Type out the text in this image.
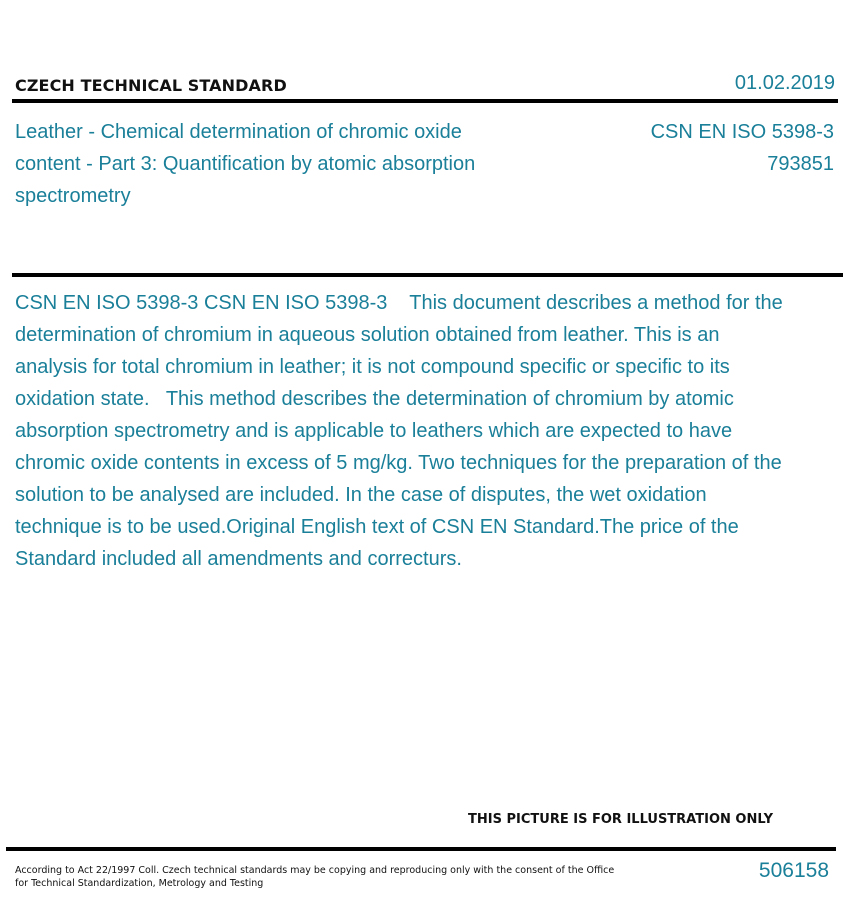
CZECH TECHNICAL STANDARD	01.02.2019
Leather - Chemical determination of chromic oxide content - Part 3: Quantification by atomic absorption spectrometry
CSN EN ISO 5398-3
793851
CSN EN ISO 5398-3 CSN EN ISO 5398-3    This document describes a method for the determination of chromium in aqueous solution obtained from leather. This is an analysis for total chromium in leather; it is not compound specific or specific to its oxidation state.   This method describes the determination of chromium by atomic absorption spectrometry and is applicable to leathers which are expected to have chromic oxide contents in excess of 5 mg/kg. Two techniques for the preparation of the solution to be analysed are included. In the case of disputes, the wet oxidation technique is to be used.Original English text of CSN EN Standard.The price of the Standard included all amendments and correcturs.
THIS PICTURE IS FOR ILLUSTRATION ONLY
According to Act 22/1997 Coll. Czech technical standards may be copying and reproducing only with the consent of the Office for Technical Standardization, Metrology and Testing
506158
